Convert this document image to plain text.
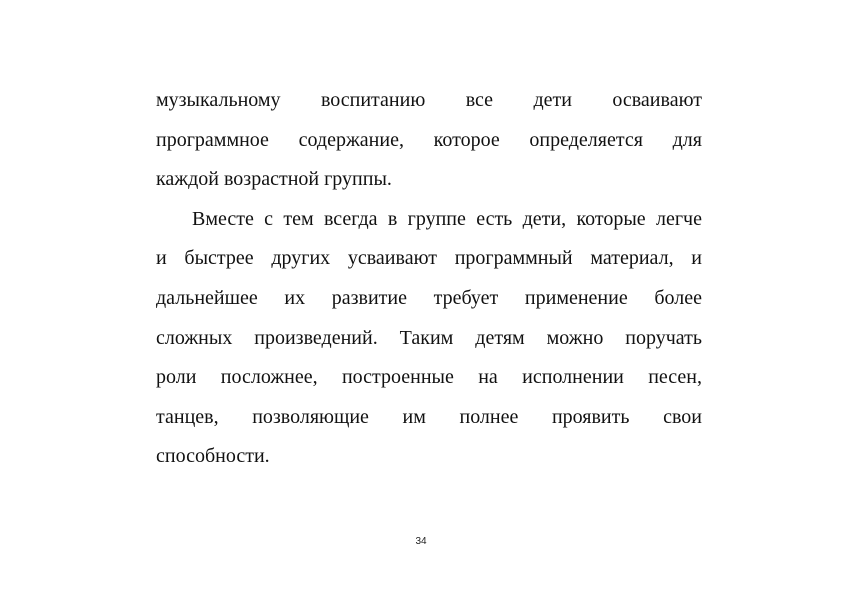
музыкальному воспитанию все дети осваивают
программное содержание, которое определяется для
каждой возрастной группы.
Вместе с тем всегда в группе есть дети, которые легче
и быстрее других усваивают программный материал, и
дальнейшее их развитие требует применение более
сложных произведений. Таким детям можно поручать
роли посложнее, построенные на исполнении песен,
танцев, позволяющие им полнее проявить свои
способности.
34
